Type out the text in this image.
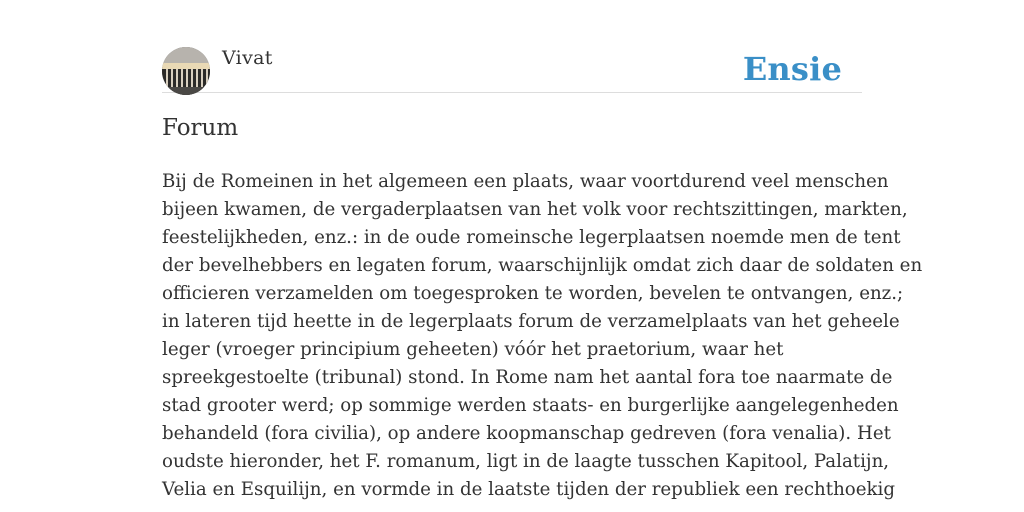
Vivat	Ensie
Forum

Bij de Romeinen in het algemeen een plaats, waar voortdurend veel menschen
bijeen kwamen, de vergaderplaatsen van het volk voor rechtszittingen, markten,
feestelijkheden, enz.: in de oude romeinsche legerplaatsen noemde men de tent
der bevelhebbers en legaten forum, waarschijnlijk omdat zich daar de soldaten en
officieren verzamelden om toegesproken te worden, bevelen te ontvangen, enz.;
in lateren tijd heette in de legerplaats forum de verzamelplaats van het geheele
leger (vroeger principium geheeten) vóór het praetorium, waar het
spreekgestoelte (tribunal) stond. In Rome nam het aantal fora toe naarmate de
stad grooter werd; op sommige werden staats- en burgerlijke aangelegenheden
behandeld (fora civilia), op andere koopmanschap gedreven (fora venalia). Het
oudste hieronder, het F. romanum, ligt in de laagte tusschen Kapitool, Palatijn,
Velia en Esquilijn, en vormde in de laatste tijden der republiek een rechthoekig
